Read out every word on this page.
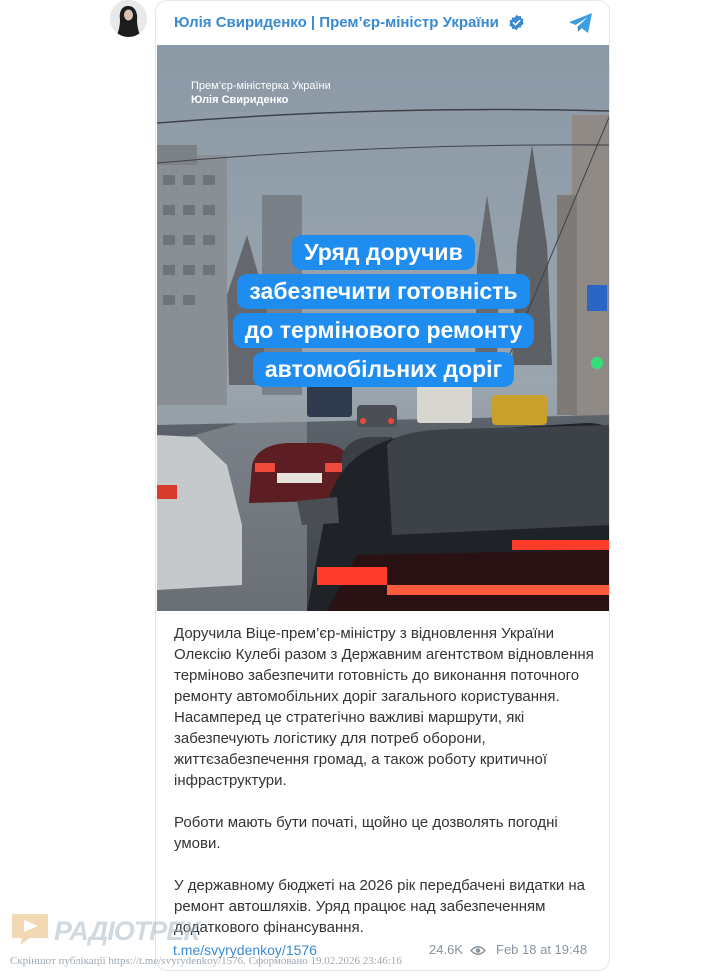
Юлія Свириденко | Прем’єр-міністр України
Прем’єр-міністерка України
Юлія Свириденко
Уряд доручив
забезпечити готовність
до термінового ремонту
автомобільних доріг
Доручила Віце-прем’єр-міністру з відновлення України Олексію Кулебі разом з Державним агентством відновлення терміново забезпечити готовність до виконання поточного ремонту автомобільних доріг загального користування. Насамперед це стратегічно важливі маршрути, які забезпечують логістику для потреб оборони, життєзабезпечення громад, а також роботу критичної інфраструктури.
Роботи мають бути початі, щойно це дозволять погодні умови.
У державному бюджеті на 2026 рік передбачені видатки на ремонт автошляхів. Уряд працює над забезпеченням додаткового фінансування.
t.me/svyrydenkoy/1576	24.6K	Feb 18 at 19:48
РАДІОТРЕК
Скріншот публікації https://t.me/svyrydenkoy/1576. Сформовано 19.02.2026 23:46:16
